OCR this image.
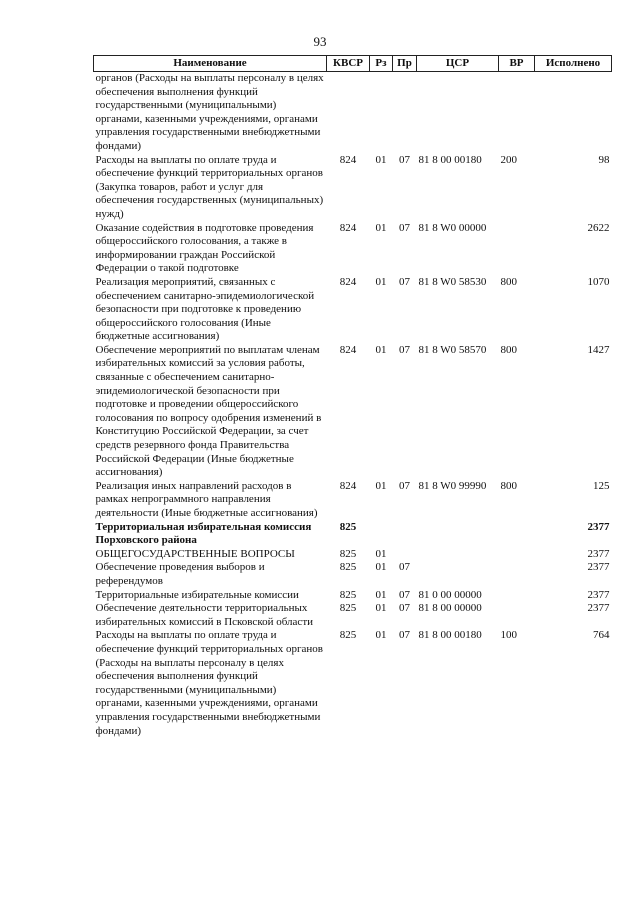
93
Наименование	КВСР	Рз	Пр	ЦСР	ВР	Исполнено
органов (Расходы на выплаты персоналу в целях обеспечения выполнения функций государственными (муниципальными) органами, казенными учреждениями, органами управления государственными внебюджетными фондами)						
Расходы на выплаты по оплате труда и обеспечение функций территориальных органов (Закупка товаров, работ и услуг для обеспечения государственных (муниципальных) нужд)	824	01	07	81 8 00 00180	200	98
Оказание содействия в подготовке проведения общероссийского голосования, а также в информировании граждан Российской Федерации о такой подготовке	824	01	07	81 8 W0 00000		2622
Реализация мероприятий, связанных с обеспечением санитарно-эпидемиологической безопасности при подготовке к проведению общероссийского голосования (Иные бюджетные ассигнования)	824	01	07	81 8 W0 58530	800	1070
Обеспечение мероприятий по выплатам членам избирательных комиссий за условия работы, связанные с обеспечением санитарно-эпидемиологической безопасности при подготовке и проведении общероссийского голосования по вопросу одобрения изменений в Конституцию Российской Федерации, за счет средств резервного фонда Правительства Российской Федерации (Иные бюджетные ассигнования)	824	01	07	81 8 W0 58570	800	1427
Реализация иных направлений расходов в рамках непрограммного направления деятельности (Иные бюджетные ассигнования)	824	01	07	81 8 W0 99990	800	125
Территориальная избирательная комиссия Порховского района	825					2377
ОБЩЕГОСУДАРСТВЕННЫЕ ВОПРОСЫ	825	01				2377
Обеспечение проведения выборов и референдумов	825	01	07			2377
Территориальные избирательные комиссии	825	01	07	81 0 00 00000		2377
Обеспечение деятельности территориальных избирательных комиссий в Псковской области	825	01	07	81 8 00 00000		2377
Расходы на выплаты по оплате труда и обеспечение функций территориальных органов (Расходы на выплаты персоналу в целях обеспечения выполнения функций государственными (муниципальными) органами, казенными учреждениями, органами управления государственными внебюджетными фондами)	825	01	07	81 8 00 00180	100	764
